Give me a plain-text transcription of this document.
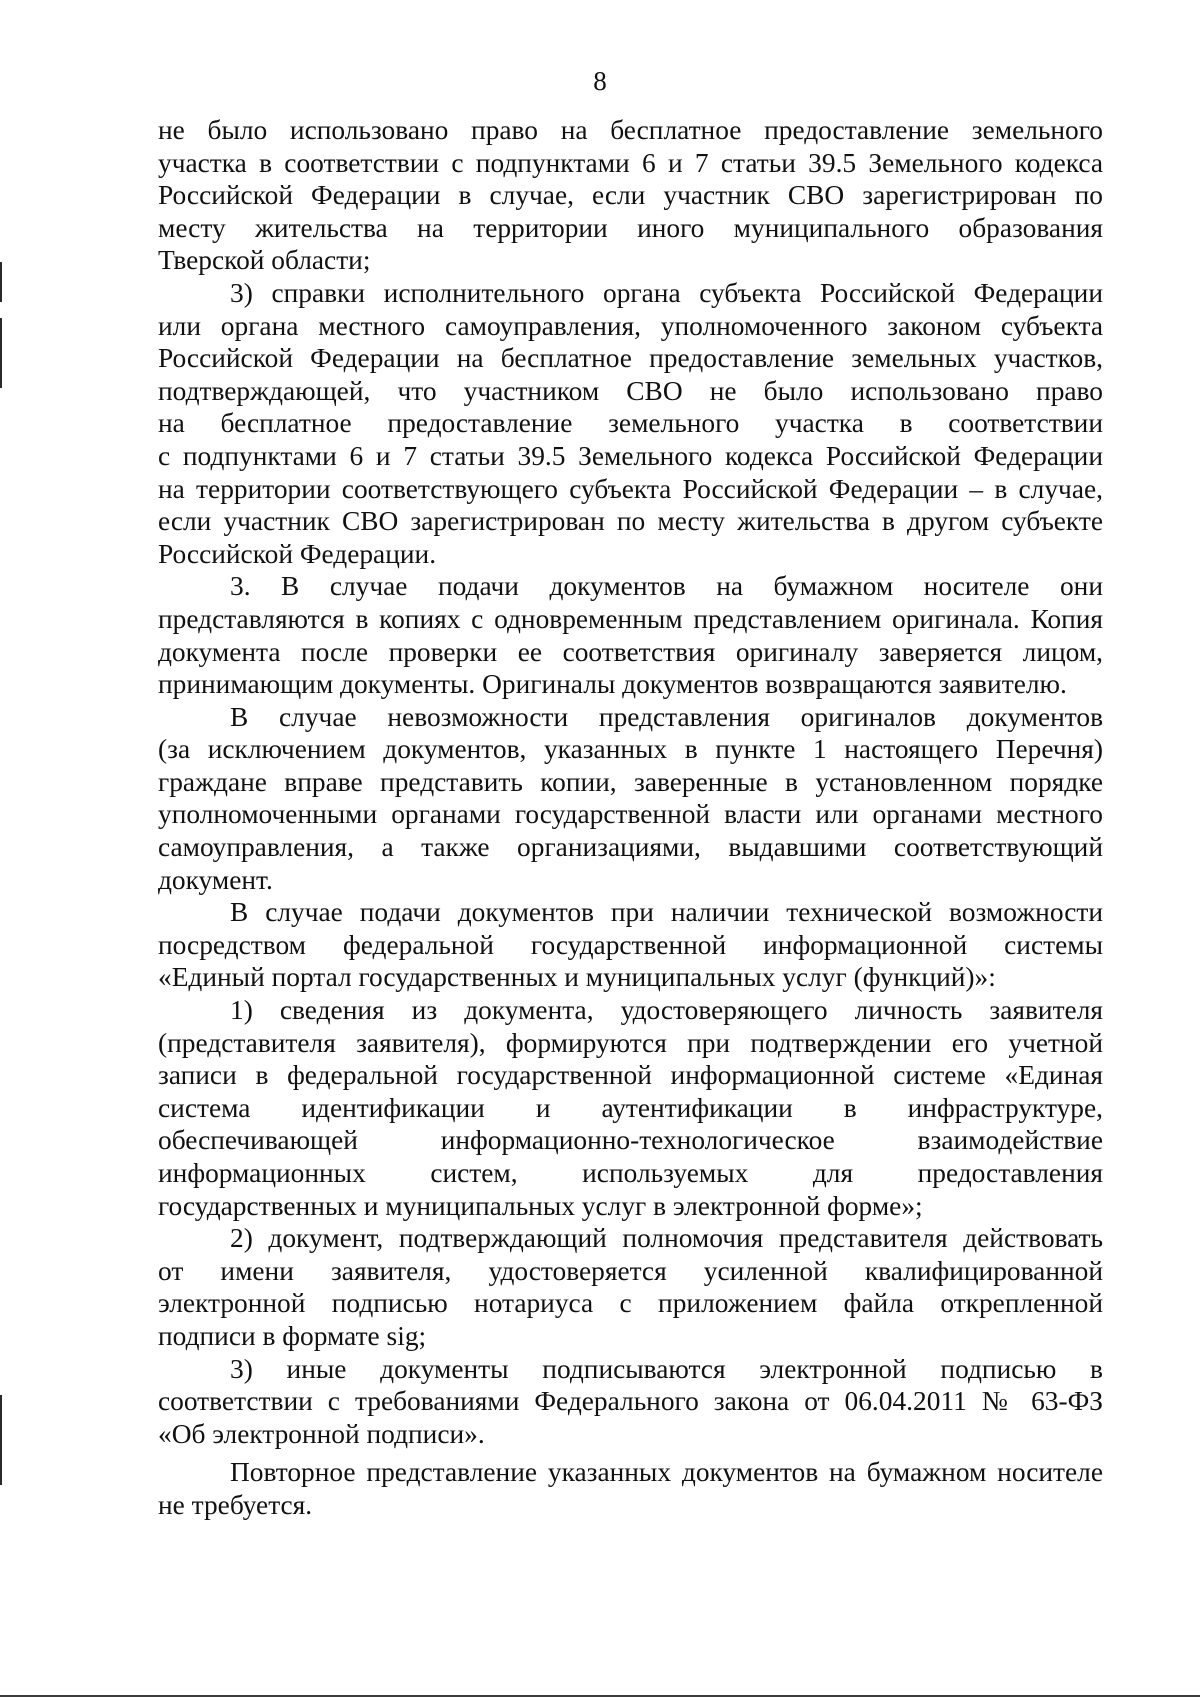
8

не было использовано право на бесплатное предоставление земельного
участка в соответствии с подпунктами 6 и 7 статьи 39.5 Земельного кодекса
Российской Федерации в случае, если участник СВО зарегистрирован по
месту жительства на территории иного муниципального образования
Тверской области;

3) справки исполнительного органа субъекта Российской Федерации
или органа местного самоуправления, уполномоченного законом субъекта
Российской Федерации на бесплатное предоставление земельных участков,
подтверждающей, что участником СВО не было использовано право
на бесплатное предоставление земельного участка в соответствии
с подпунктами 6 и 7 статьи 39.5 Земельного кодекса Российской Федерации
на территории соответствующего субъекта Российской Федерации – в случае,
если участник СВО зарегистрирован по месту жительства в другом субъекте
Российской Федерации.

3. В случае подачи документов на бумажном носителе они
представляются в копиях с одновременным представлением оригинала. Копия
документа после проверки ее соответствия оригиналу заверяется лицом,
принимающим документы. Оригиналы документов возвращаются заявителю.

В случае невозможности представления оригиналов документов
(за исключением документов, указанных в пункте 1 настоящего Перечня)
граждане вправе представить копии, заверенные в установленном порядке
уполномоченными органами государственной власти или органами местного
самоуправления, а также организациями, выдавшими соответствующий
документ.

В случае подачи документов при наличии технической возможности
посредством федеральной государственной информационной системы
«Единый портал государственных и муниципальных услуг (функций)»:

1) сведения из документа, удостоверяющего личность заявителя
(представителя заявителя), формируются при подтверждении его учетной
записи в федеральной государственной информационной системе «Единая
система идентификации и аутентификации в инфраструктуре,
обеспечивающей информационно-технологическое взаимодействие
информационных систем, используемых для предоставления
государственных и муниципальных услуг в электронной форме»;

2) документ, подтверждающий полномочия представителя действовать
от имени заявителя, удостоверяется усиленной квалифицированной
электронной подписью нотариуса с приложением файла открепленной
подписи в формате sig;

3) иные документы подписываются электронной подписью в
соответствии с требованиями Федерального закона от 06.04.2011 № 63-ФЗ
«Об электронной подписи».

Повторное представление указанных документов на бумажном носителе
не требуется.
